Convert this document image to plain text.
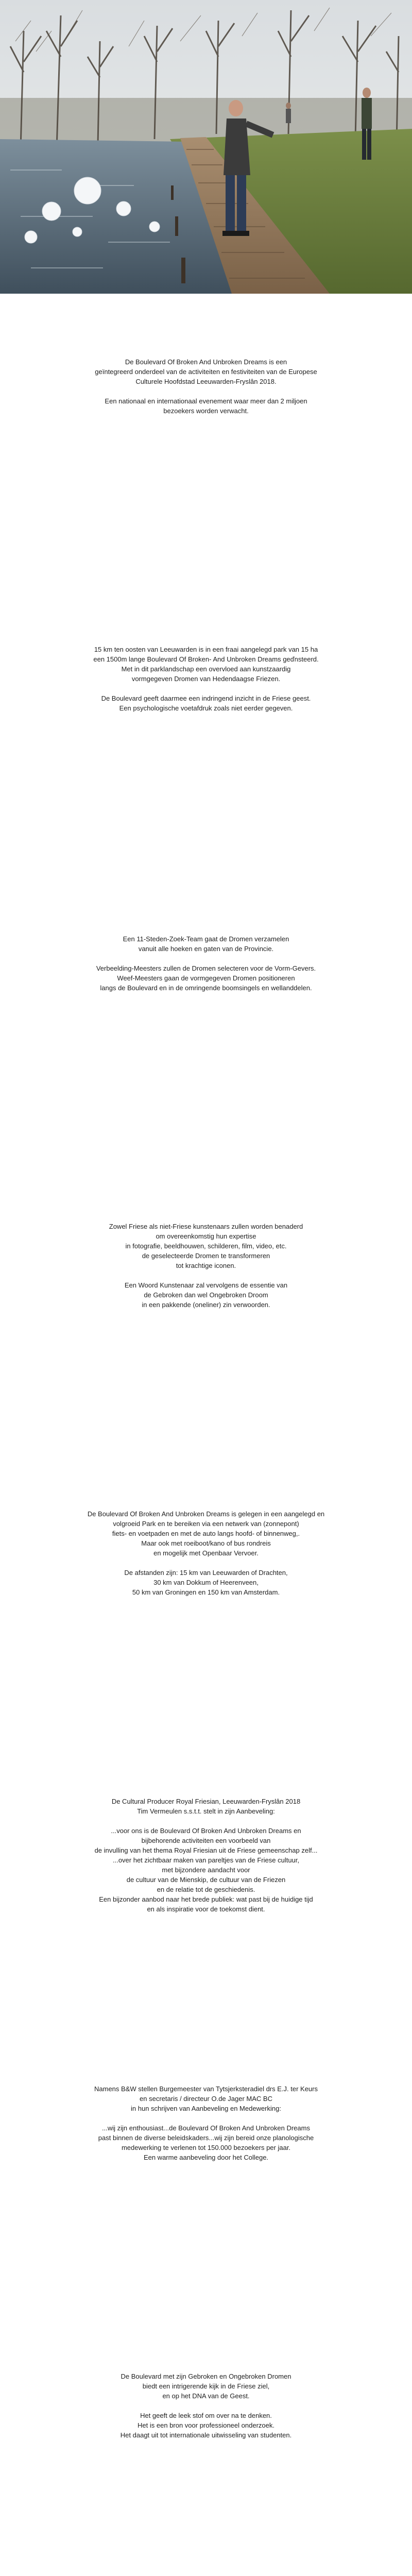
De Boulevard Of Broken And Unbroken Dreams is een
geïntegreerd onderdeel van de activiteiten en festiviteiten van de Europese
Culturele Hoofdstad Leeuwarden-Fryslân 2018.

Een nationaal en internationaal evenement waar meer dan 2 miljoen
bezoekers worden verwacht.

15 km ten oosten van Leeuwarden is in een fraai aangelegd park van 15 ha
een 1500m lange Boulevard Of Broken- And Unbroken Dreams geďnsteerd.
Met in dit parklandschap een overvloed aan kunstzaardig
vormgegeven Dromen van Hedendaagse Friezen.

De Boulevard geeft daarmee een indringend inzicht in de Friese geest.
Een psychologische voetafdruk zoals niet eerder gegeven.

Een 11-Steden-Zoek-Team gaat de Dromen verzamelen
vanuit alle hoeken en gaten van de Provincie.

Verbeelding-Meesters zullen de Dromen selecteren voor de Vorm-Gevers.
Weef-Meesters gaan de vormgegeven Dromen positioneren
langs de Boulevard en in de omringende boomsingels en wellanddelen.

Zowel Friese als niet-Friese kunstenaars zullen worden benaderd
om overeenkomstig hun expertise
in fotografie, beeldhouwen, schilderen, film, video, etc.
de geselecteerde Dromen te transformeren
tot krachtige iconen.

Een Woord Kunstenaar zal vervolgens de essentie van
de Gebroken dan wel Ongebroken Droom
in een pakkende (oneliner) zin verwoorden.

De Boulevard Of Broken And Unbroken Dreams is gelegen in een aangelegd en
volgroeid Park en te bereiken via een netwerk van (zonnepont)
fiets- en voetpaden en met de auto langs hoofd- of binnenweg,.
Maar ook met roeiboot/kano of bus rondreis
en mogelijk met Openbaar Vervoer.

De afstanden zijn: 15 km van Leeuwarden of Drachten,
30 km van Dokkum of Heerenveen,
50 km van Groningen en 150 km van Amsterdam.

De Cultural Producer Royal Friesian, Leeuwarden-Fryslân 2018
Tim Vermeulen s.s.t.t. stelt in zijn Aanbeveling:

...voor ons is de Boulevard Of Broken And Unbroken Dreams en
bijbehorende activiteiten een voorbeeld van
de invulling van het thema Royal Friesian uit de Friese gemeenschap zelf...
...over het zichtbaar maken van pareltjes van de Friese cultuur,
met bijzondere aandacht voor
de cultuur van de Mienskip, de cultuur van de Friezen
en de relatie tot de geschiedenis.
Een bijzonder aanbod naar het brede publiek: wat past bij de huidige tijd
en als inspiratie voor de toekomst dient.

Namens B&W stellen Burgemeester van Tytsjerksteradiel drs E.J. ter Keurs
en secretaris / directeur O.de Jager MAC BC
in hun schrijven van Aanbeveling en Medewerking:

...wij zijn enthousiast...de Boulevard Of Broken And Unbroken Dreams
past binnen de diverse beleidskaders...wij zijn bereid onze planologische
medewerking te verlenen tot 150.000 bezoekers per jaar.
Een warme aanbeveling door het College.

De Boulevard met zijn Gebroken en Ongebroken Dromen
biedt een intrigerende kijk in de Friese ziel,
en op het DNA van de Geest.

Het geeft de leek stof om over na te denken.
Het is een bron voor professioneel onderzoek.
Het daagt uit tot internationale uitwisseling van studenten.
